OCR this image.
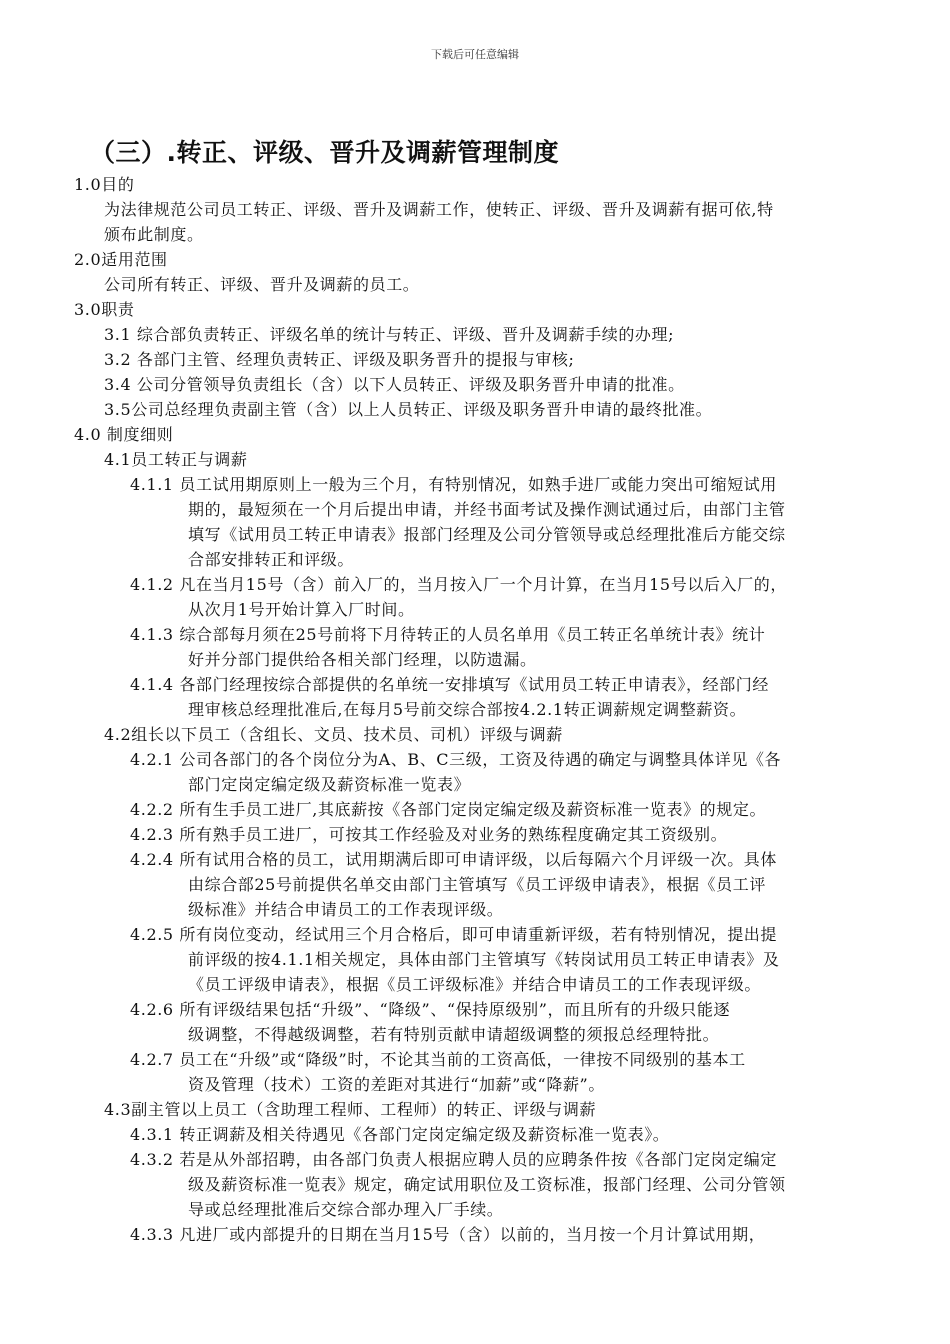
下载后可任意编辑
（三）.转正、评级、晋升及调薪管理制度
1.0目的
为法律规范公司员工转正、评级、晋升及调薪工作，使转正、评级、晋升及调薪有据可依,特
颁布此制度。
2.0适用范围
公司所有转正、评级、晋升及调薪的员工。
3.0职责
3.1 综合部负责转正、评级名单的统计与转正、评级、晋升及调薪手续的办理;
3.2 各部门主管、经理负责转正、评级及职务晋升的提报与审核;
3.4 公司分管领导负责组长（含）以下人员转正、评级及职务晋升申请的批准。
3.5公司总经理负责副主管（含）以上人员转正、评级及职务晋升申请的最终批准。
4.0 制度细则
4.1员工转正与调薪
4.1.1 员工试用期原则上一般为三个月，有特别情况，如熟手进厂或能力突出可缩短试用
期的，最短须在一个月后提出申请，并经书面考试及操作测试通过后，由部门主管
填写《试用员工转正申请表》报部门经理及公司分管领导或总经理批准后方能交综
合部安排转正和评级。
4.1.2 凡在当月15号（含）前入厂的，当月按入厂一个月计算，在当月15号以后入厂的，
从次月1号开始计算入厂时间。
4.1.3 综合部每月须在25号前将下月待转正的人员名单用《员工转正名单统计表》统计
好并分部门提供给各相关部门经理，以防遗漏。
4.1.4 各部门经理按综合部提供的名单统一安排填写《试用员工转正申请表》，经部门经
理审核总经理批准后,在每月5号前交综合部按4.2.1转正调薪规定调整薪资。
4.2组长以下员工（含组长、文员、技术员、司机）评级与调薪
4.2.1 公司各部门的各个岗位分为A、B、C三级，工资及待遇的确定与调整具体详见《各
部门定岗定编定级及薪资标准一览表》
4.2.2 所有生手员工进厂,其底薪按《各部门定岗定编定级及薪资标准一览表》的规定。
4.2.3 所有熟手员工进厂，可按其工作经验及对业务的熟练程度确定其工资级别。
4.2.4 所有试用合格的员工，试用期满后即可申请评级，以后每隔六个月评级一次。具体
由综合部25号前提供名单交由部门主管填写《员工评级申请表》，根据《员工评
级标准》并结合申请员工的工作表现评级。
4.2.5 所有岗位变动，经试用三个月合格后，即可申请重新评级，若有特别情况，提出提
前评级的按4.1.1相关规定，具体由部门主管填写《转岗试用员工转正申请表》及
《员工评级申请表》，根据《员工评级标准》并结合申请员工的工作表现评级。
4.2.6 所有评级结果包括“升级”、“降级”、“保持原级别”，而且所有的升级只能逐
级调整，不得越级调整，若有特别贡献申请超级调整的须报总经理特批。
4.2.7 员工在“升级”或“降级”时，不论其当前的工资高低，一律按不同级别的基本工
资及管理（技术）工资的差距对其进行“加薪”或“降薪”。
4.3副主管以上员工（含助理工程师、工程师）的转正、评级与调薪
4.3.1 转正调薪及相关待遇见《各部门定岗定编定级及薪资标准一览表》。
4.3.2 若是从外部招聘，由各部门负责人根据应聘人员的应聘条件按《各部门定岗定编定
级及薪资标准一览表》规定，确定试用职位及工资标准，报部门经理、公司分管领
导或总经理批准后交综合部办理入厂手续。
4.3.3 凡进厂或内部提升的日期在当月15号（含）以前的，当月按一个月计算试用期，
